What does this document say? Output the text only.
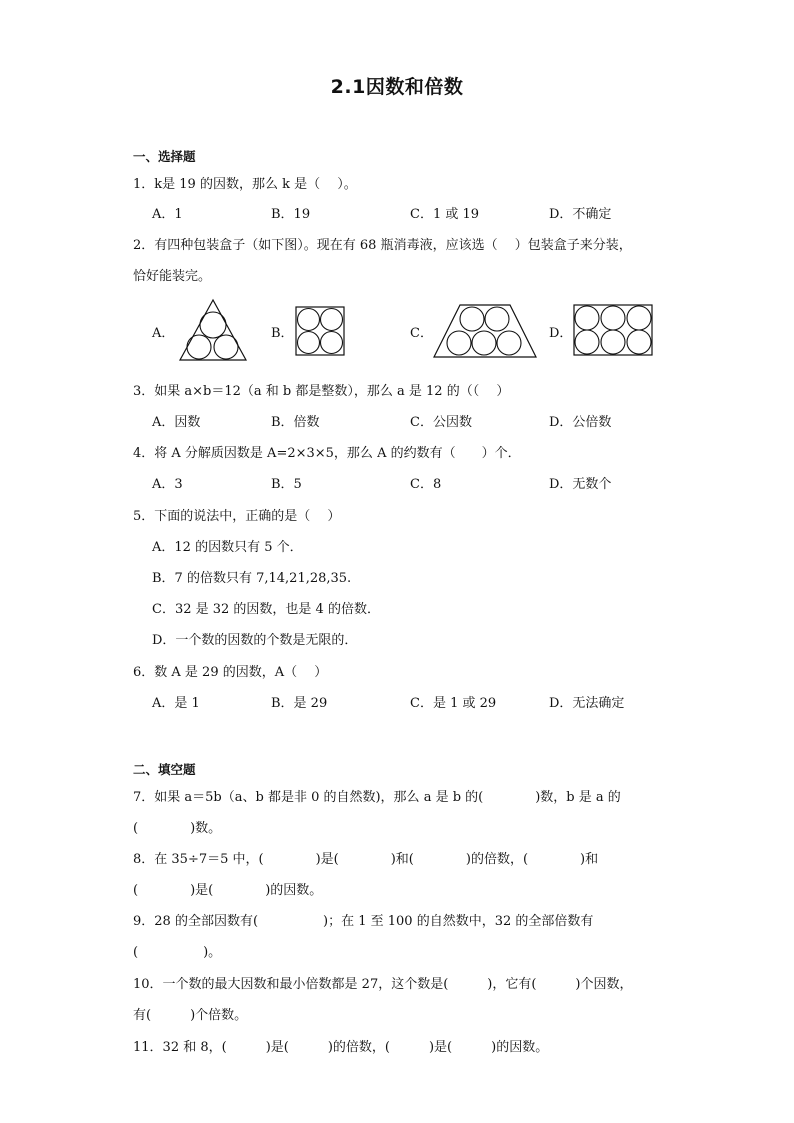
2.1因数和倍数
一、选择题
1．k是 19 的因数，那么 k 是（　 ）。
A．1	B．19	C．1 或 19	D．不确定
2．有四种包装盒子（如下图）。现在有 68 瓶消毒液，应该选（　 ）包装盒子来分装，
恰好能装完。
A．	B．	C．	D．
3．如果 a×b＝12（a 和 b 都是整数），那么 a 是 12 的（（　 ）
A．因数	B．倍数	C．公因数	D．公倍数
4．将 A 分解质因数是 A=2×3×5，那么 A 的约数有（　　）个．
A．3	B．5	C．8	D．无数个
5．下面的说法中，正确的是（　 ）
A．12 的因数只有 5 个．
B．7 的倍数只有 7,14,21,28,35.
C．32 是 32 的因数，也是 4 的倍数．
D．一个数的因数的个数是无限的．
6．数 A 是 29 的因数，A（　 ）
A．是 1	B．是 29	C．是 1 或 29	D．无法确定
二、填空题
7．如果 a＝5b（a、b 都是非 0 的自然数)，那么 a 是 b 的(　　　　)数，b 是 a 的
(　　　　)数。
8．在 35÷7＝5 中，(　　　　)是(　　　　)和(　　　　)的倍数，(　　　　)和
(　　　　)是(　　　　)的因数。
9．28 的全部因数有(　　　　　)；在 1 至 100 的自然数中，32 的全部倍数有
(　　　　　)。
10．一个数的最大因数和最小倍数都是 27，这个数是(　　　)，它有(　　　)个因数，
有(　　　)个倍数。
11．32 和 8，(　　　)是(　　　)的倍数，(　　　)是(　　　)的因数。
